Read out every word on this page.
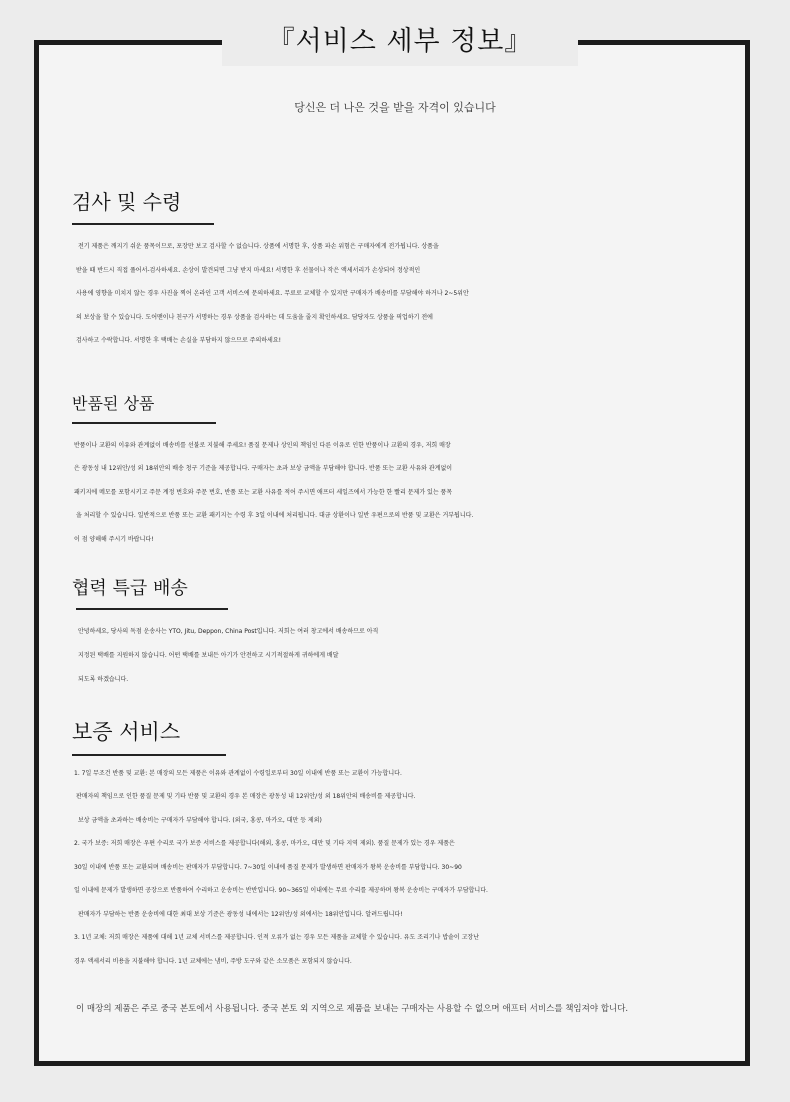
『서비스 세부 정보』
당신은 더 나은 것을 받을 자격이 있습니다
검사 및 수령
전기 제품은 깨지기 쉬운 품목이므로, 포장만 보고 검사할 수 없습니다. 상품에 서명한 후, 상품 파손 위험은 구매자에게 전가됩니다. 상품을
받을 때 반드시 직접 풀어서-검사하세요. 손상이 발견되면 그냥 받지 마세요! 서명한 후 선물이나 작은 액세서리가 손상되어 정상적인
사용에 영향을 미치지 않는 경우 사진을 찍어 온라인 고객 서비스에 문의하세요. 무료로 교체할 수 있지만 구매자가 배송비를 부담해야 하거나 2~5위안
의 보상을 할 수 있습니다. 도어맨이나 친구가 서명하는 경우 상품을 검사하는 데 도움을 줄지 확인하세요. 담당자도 상품을 픽업하기 전에
검사하고 수락합니다. 서명한 후 택배는 손실을 부담하지 않으므로 주의하세요!
반품된 상품
반품이나 교환의 이유와 관계없이 배송비를 선불로 지불해 주세요! 품질 문제나 상인의 책임인 다른 이유로 인한 반품이나 교환의 경우, 저희 매장
은 광동성 내 12위안/성 외 18위안의 배송 청구 기준을 제공합니다. 구매자는 초과 보상 금액을 부담해야 합니다. 반품 또는 교환 사유와 관계없이
패키지에 메모를 포함시키고 주문 계정 번호와 주문 번호, 반품 또는 교환 사유를 적어 주시면 애프터 세일즈에서 가능한 한 빨리 문제가 있는 품목
을 처리할 수 있습니다. 일반적으로 반품 또는 교환 패키지는 수령 후 3일 이내에 처리됩니다. 대금 상환이나 일반 우편으로의 반품 및 교환은 거부됩니다.
이 점 양해해 주시기 바랍니다!
협력 특급 배송
안녕하세요, 당사의 독점 운송사는 YTO, Jitu, Deppon, China Post입니다. 저희는 여러 창고에서 배송하므로 아직
지정된 택배를 지원하지 않습니다. 어떤 택배를 보내든 아기가 안전하고 시기적절하게 귀하에게 배달
되도록 하겠습니다.
보증 서비스
1. 7일 무조건 반품 및 교환: 본 매장의 모든 제품은 이유와 관계없이 수령일로부터 30일 이내에 반품 또는 교환이 가능합니다.
판매자의 책임으로 인한 품질 문제 및 기타 반품 및 교환의 경우 본 매장은 광동성 내 12위안/성 외 18위안의 배송비를 제공합니다.
보상 금액을 초과하는 배송비는 구매자가 부담해야 합니다. (외국, 홍콩, 마카오, 대만 등 제외)
2. 국가 보증: 저희 매장은 우편 수리로 국가 보증 서비스를 제공합니다(해외, 홍콩, 마카오, 대만 및 기타 지역 제외). 품질 문제가 있는 경우 제품은
30일 이내에 반품 또는 교환되며 배송비는 판매자가 부담합니다. 7~30일 이내에 품질 문제가 발생하면 판매자가 왕복 운송비를 부담합니다. 30~90
일 이내에 문제가 발생하면 공장으로 반품하여 수리하고 운송비는 반반입니다. 90~365일 이내에는 무료 수리를 제공하며 왕복 운송비는 구매자가 부담합니다.
판매자가 부담하는 반품 운송비에 대한 최대 보상 기준은 광동성 내에서는 12위안/성 외에서는 18위안입니다. 알려드립니다!
3. 1년 교체: 저희 매장은 제품에 대해 1년 교체 서비스를 제공합니다. 인적 오류가 없는 경우 모든 제품을 교체할 수 있습니다. 유도 조리기나 밥솥이 고장난
경우 액세서리 비용을 지불해야 합니다. 1년 교체에는 냄비, 주방 도구와 같은 소모품은 포함되지 않습니다.
이 매장의 제품은 주로 중국 본토에서 사용됩니다. 중국 본토 외 지역으로 제품을 보내는 구매자는 사용할 수 없으며 애프터 서비스를 책임져야 합니다.
